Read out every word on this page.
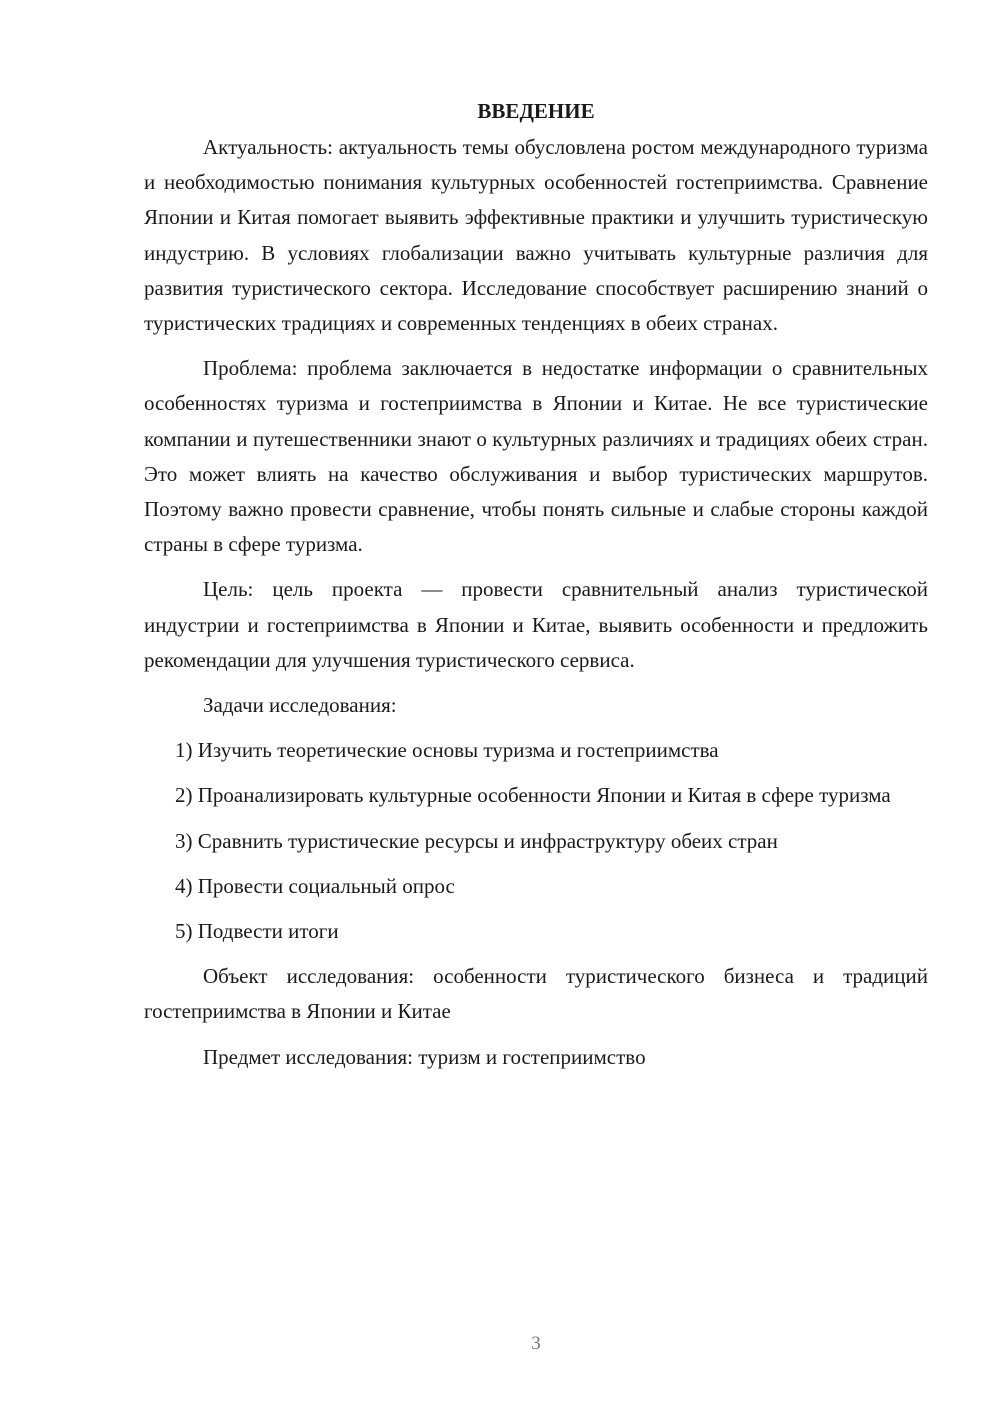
ВВЕДЕНИЕ

Актуальность: актуальность темы обусловлена ростом международного туризма и необходимостью понимания культурных особенностей гостеприимства. Сравнение Японии и Китая помогает выявить эффективные практики и улучшить туристическую индустрию. В условиях глобализации важно учитывать культурные различия для развития туристического сектора. Исследование способствует расширению знаний о туристических традициях и современных тенденциях в обеих странах.

Проблема: проблема заключается в недостатке информации о сравнительных особенностях туризма и гостеприимства в Японии и Китае. Не все туристические компании и путешественники знают о культурных различиях и традициях обеих стран. Это может влиять на качество обслуживания и выбор туристических маршрутов. Поэтому важно провести сравнение, чтобы понять сильные и слабые стороны каждой страны в сфере туризма.

Цель: цель проекта — провести сравнительный анализ туристической индустрии и гостеприимства в Японии и Китае, выявить особенности и предложить рекомендации для улучшения туристического сервиса.

Задачи исследования:

1) Изучить теоретические основы туризма и гостеприимства

2) Проанализировать культурные особенности Японии и Китая в сфере туризма

3) Сравнить туристические ресурсы и инфраструктуру обеих стран

4) Провести социальный опрос

5) Подвести итоги

Объект исследования: особенности туристического бизнеса и традиций гостеприимства в Японии и Китае

Предмет исследования: туризм и гостеприимство

3
